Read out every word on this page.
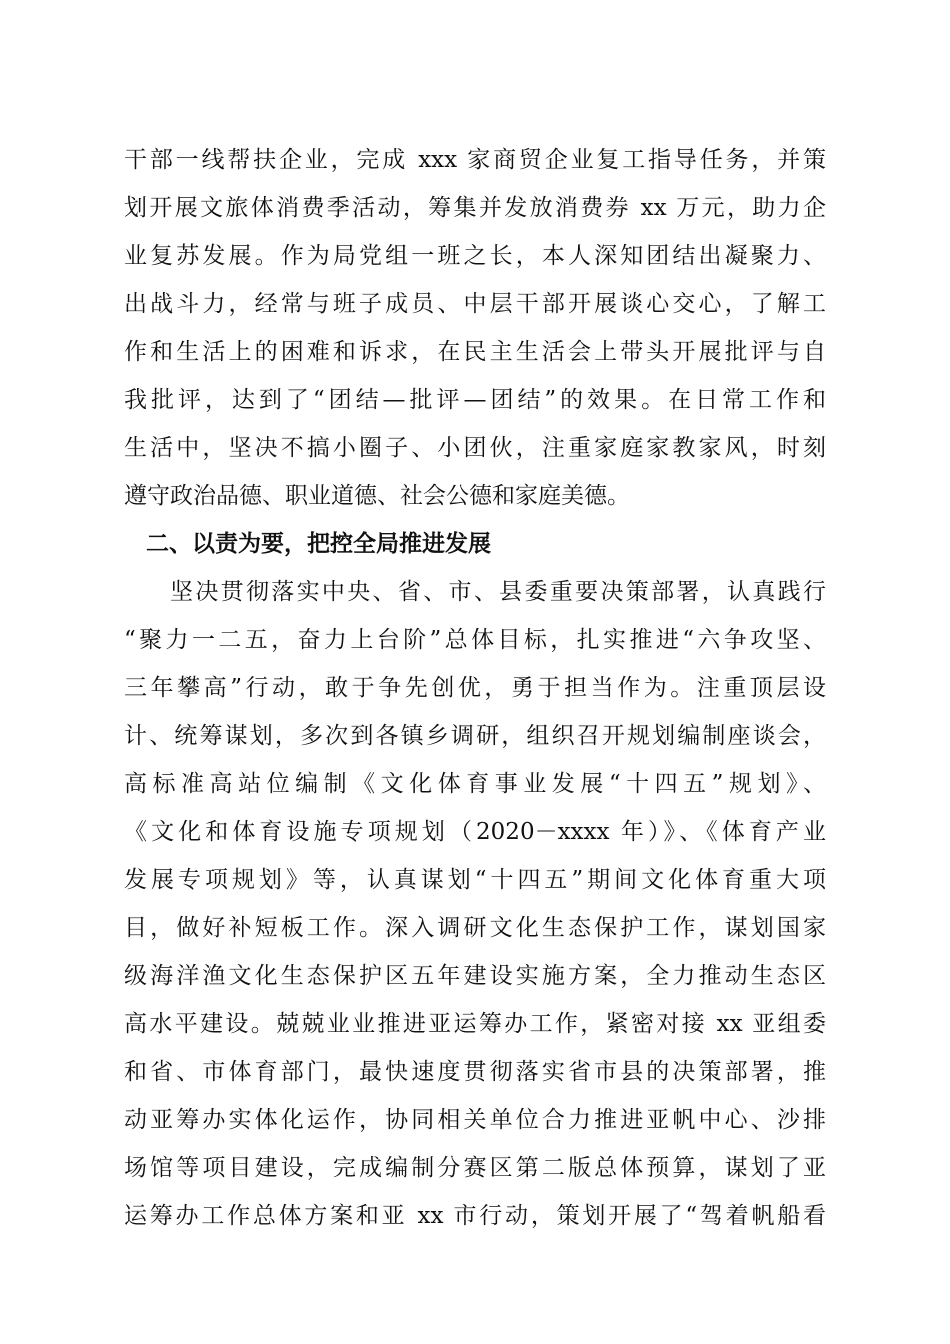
干部一线帮扶企业，完成 xxx 家商贸企业复工指导任务，并策
划开展文旅体消费季活动，筹集并发放消费券 xx 万元，助力企
业复苏发展。作为局党组一班之长，本人深知团结出凝聚力、
出战斗力，经常与班子成员、中层干部开展谈心交心，了解工
作和生活上的困难和诉求，在民主生活会上带头开展批评与自
我批评，达到了“团结—批评—团结”的效果。在日常工作和
生活中，坚决不搞小圈子、小团伙，注重家庭家教家风，时刻
遵守政治品德、职业道德、社会公德和家庭美德。
二、以责为要，把控全局推进发展
坚决贯彻落实中央、省、市、县委重要决策部署，认真践行
“聚力一二五，奋力上台阶”总体目标，扎实推进“六争攻坚、
三年攀高”行动，敢于争先创优，勇于担当作为。注重顶层设
计、统筹谋划，多次到各镇乡调研，组织召开规划编制座谈会，
高标准高站位编制《文化体育事业发展“十四五”规划》、
《文化和体育设施专项规划（2020－xxxx 年）》、《体育产业
发展专项规划》等，认真谋划“十四五”期间文化体育重大项
目，做好补短板工作。深入调研文化生态保护工作，谋划国家
级海洋渔文化生态保护区五年建设实施方案，全力推动生态区
高水平建设。兢兢业业推进亚运筹办工作，紧密对接 xx 亚组委
和省、市体育部门，最快速度贯彻落实省市县的决策部署，推
动亚筹办实体化运作，协同相关单位合力推进亚帆中心、沙排
场馆等项目建设，完成编制分赛区第二版总体预算，谋划了亚
运筹办工作总体方案和亚 xx 市行动，策划开展了“驾着帆船看
